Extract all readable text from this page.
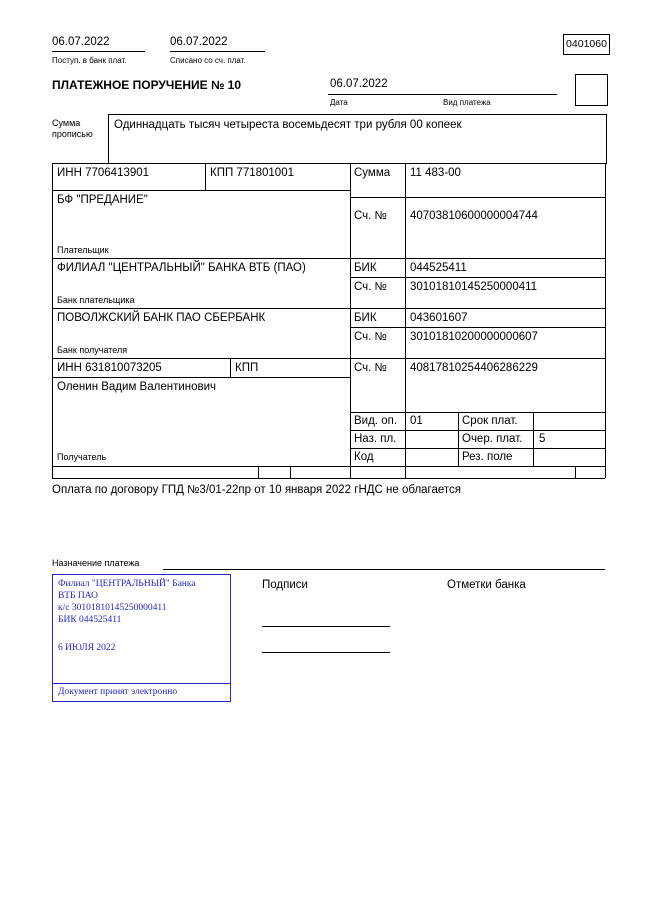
06.07.2022
Поступ. в банк плат.
06.07.2022
Списано со сч. плат.
0401060
ПЛАТЕЖНОЕ ПОРУЧЕНИЕ № 10	06.07.2022
Дата	Вид платежа
Сумма прописью
Одиннадцать тысяч четыреста восемьдесят три рубля 00 копеек
ИНН 7706413901	КПП 771801001	Сумма 11 483-00
БФ "ПРЕДАНИЕ"
Сч. № 40703810600000004744
Плательщик
ФИЛИАЛ "ЦЕНТРАЛЬНЫЙ" БАНКА ВТБ (ПАО)	БИК	044525411
Сч. № 30101810145250000411
Банк плательщика
ПОВОЛЖСКИЙ БАНК ПАО СБЕРБАНК	БИК	043601607
Сч. № 30101810200000000607
Банк получателя
ИНН 631810073205	КПП	Сч. № 40817810254406286229
Оленин Вадим Валентинович
Вид. оп. 01	Срок плат.
Наз. пл.	Очер. плат. 5
Код	Рез. поле
Получатель
Оплата по договору ГПД №3/01-22пр от 10 января 2022 гНДС не облагается
Назначение платежа
Подписи	Отметки банка
Филиал "ЦЕНТРАЛЬНЫЙ" Банка
ВТБ ПАО
к/с 30101810145250000411
БИК 044525411
6 ИЮЛЯ 2022
Документ принят электронно
